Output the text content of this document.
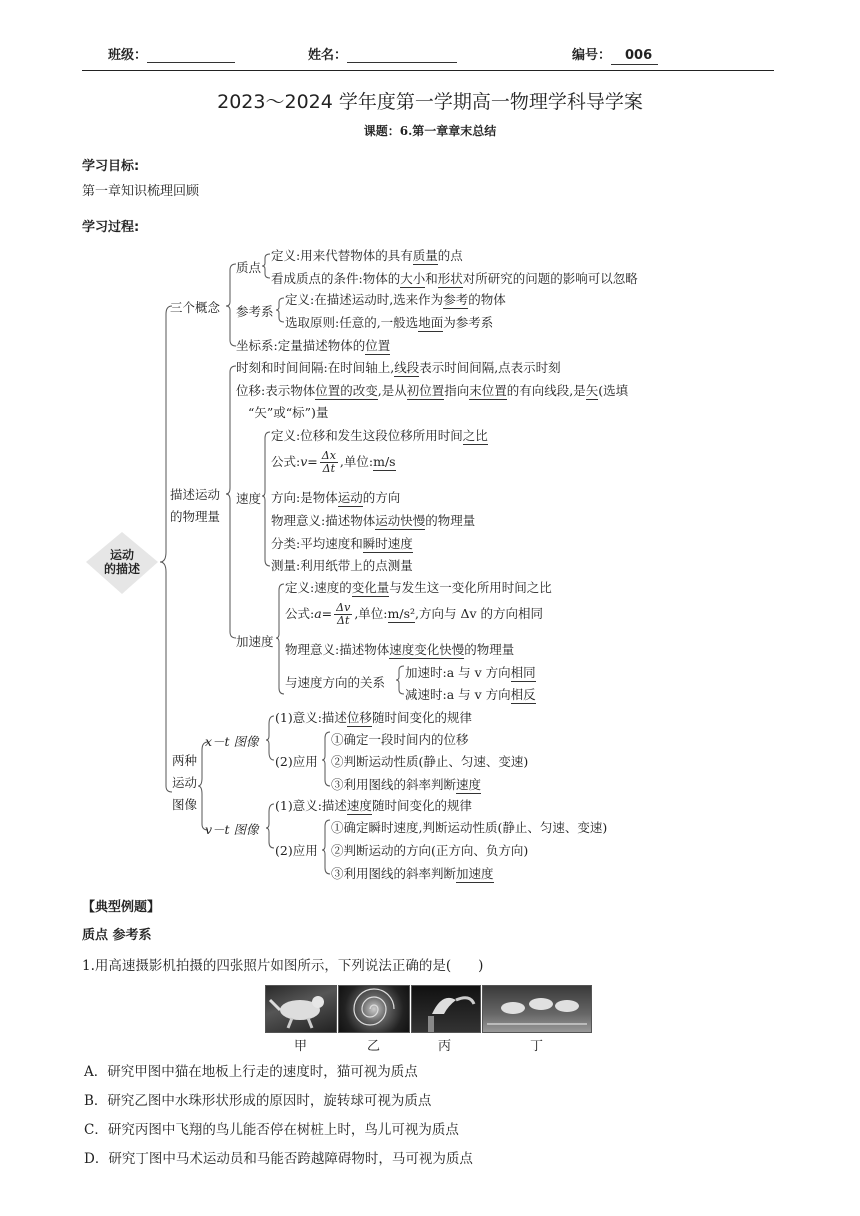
班级：	姓名：	编号： 006
2023～2024 学年度第一学期高一物理学科导学案
课题：6.第一章章末总结
学习目标:
第一章知识梳理回顾
学习过程:
运动
的描述
三个概念
质点
定义:用来代替物体的具有质量的点
看成质点的条件:物体的大小和形状对所研究的问题的影响可以忽略
参考系
定义:在描述运动时,选来作为参考的物体
选取原则:任意的,一般选地面为参考系
坐标系:定量描述物体的位置
描述运动
的物理量
时刻和时间间隔:在时间轴上,线段表示时间间隔,点表示时刻
位移:表示物体位置的改变,是从初位置指向末位置的有向线段,是矢(选填
“矢”或“标”)量
速度
定义:位移和发生这段位移所用时间之比
公式:v= $\frac{\Delta x}{\Delta t}$ ,单位:m/s
方向:是物体运动的方向
物理意义:描述物体运动快慢的物理量
分类:平均速度和瞬时速度
测量:利用纸带上的点测量
加速度
定义:速度的变化量与发生这一变化所用时间之比
公式:a= $\frac{\Delta v}{\Delta t}$ ,单位:m/s²,方向与 Δv 的方向相同
物理意义:描述物体速度变化快慢的物理量
与速度方向的关系
加速时:a 与 v 方向相同
减速时:a 与 v 方向相反
两种
运动
图像
x－t 图像
(1)意义:描述位移随时间变化的规律
(2)应用
①确定一段时间内的位移
②判断运动性质(静止、匀速、变速)
③利用图线的斜率判断速度
v－t 图像
(1)意义:描述速度随时间变化的规律
(2)应用
①确定瞬时速度,判断运动性质(静止、匀速、变速)
②判断运动的方向(正方向、负方向)
③利用图线的斜率判断加速度
【典型例题】
质点 参考系
1.用高速摄影机拍摄的四张照片如图所示，下列说法正确的是(　　)
甲	乙	丙	丁
A．研究甲图中猫在地板上行走的速度时，猫可视为质点
B．研究乙图中水珠形状形成的原因时，旋转球可视为质点
C．研究丙图中飞翔的鸟儿能否停在树桩上时，鸟儿可视为质点
D．研究丁图中马术运动员和马能否跨越障碍物时，马可视为质点
